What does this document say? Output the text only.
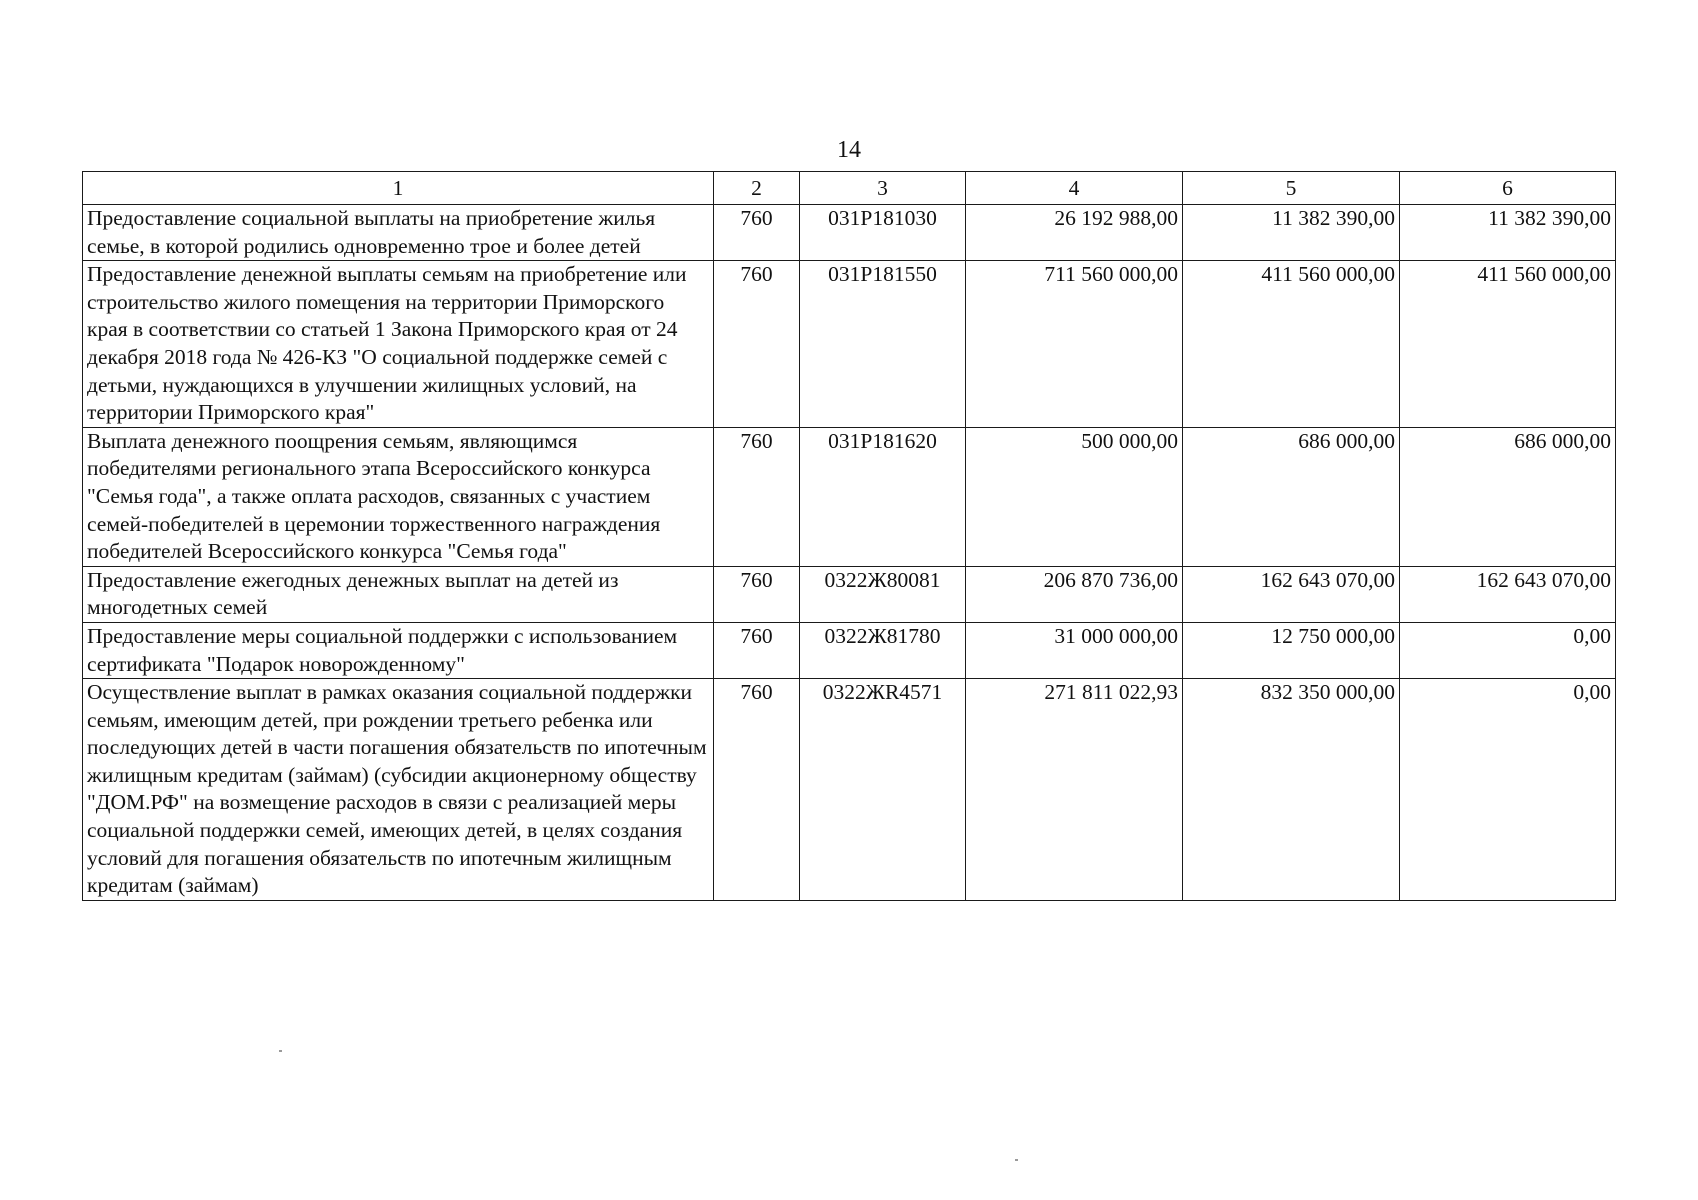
14
1	2	3	4	5	6
Предоставление социальной выплаты на приобретение жилья семье, в которой родились одновременно трое и более детей	760	031P181030	26 192 988,00	11 382 390,00	11 382 390,00
Предоставление денежной выплаты семьям на приобретение или строительство жилого помещения на территории Приморского края в соответствии со статьей 1 Закона Приморского края от 24 декабря 2018 года № 426-КЗ "О социальной поддержке семей с детьми, нуждающихся в улучшении жилищных условий, на территории Приморского края"	760	031P181550	711 560 000,00	411 560 000,00	411 560 000,00
Выплата денежного поощрения семьям, являющимся победителями регионального этапа Всероссийского конкурса "Семья года", а также оплата расходов, связанных с участием семей-победителей в церемонии торжественного награждения победителей Всероссийского конкурса "Семья года"	760	031P181620	500 000,00	686 000,00	686 000,00
Предоставление ежегодных денежных выплат на детей из многодетных семей	760	0322Ж80081	206 870 736,00	162 643 070,00	162 643 070,00
Предоставление меры социальной поддержки с использованием сертификата "Подарок новорожденному"	760	0322Ж81780	31 000 000,00	12 750 000,00	0,00
Осуществление выплат в рамках оказания социальной поддержки семьям, имеющим детей, при рождении третьего ребенка или последующих детей в части погашения обязательств по ипотечным жилищным кредитам (займам) (субсидии акционерному обществу "ДОМ.РФ" на возмещение расходов в связи с реализацией меры социальной поддержки семей, имеющих детей, в целях создания условий для погашения обязательств по ипотечным жилищным кредитам (займам)	760	0322ЖR4571	271 811 022,93	832 350 000,00	0,00
